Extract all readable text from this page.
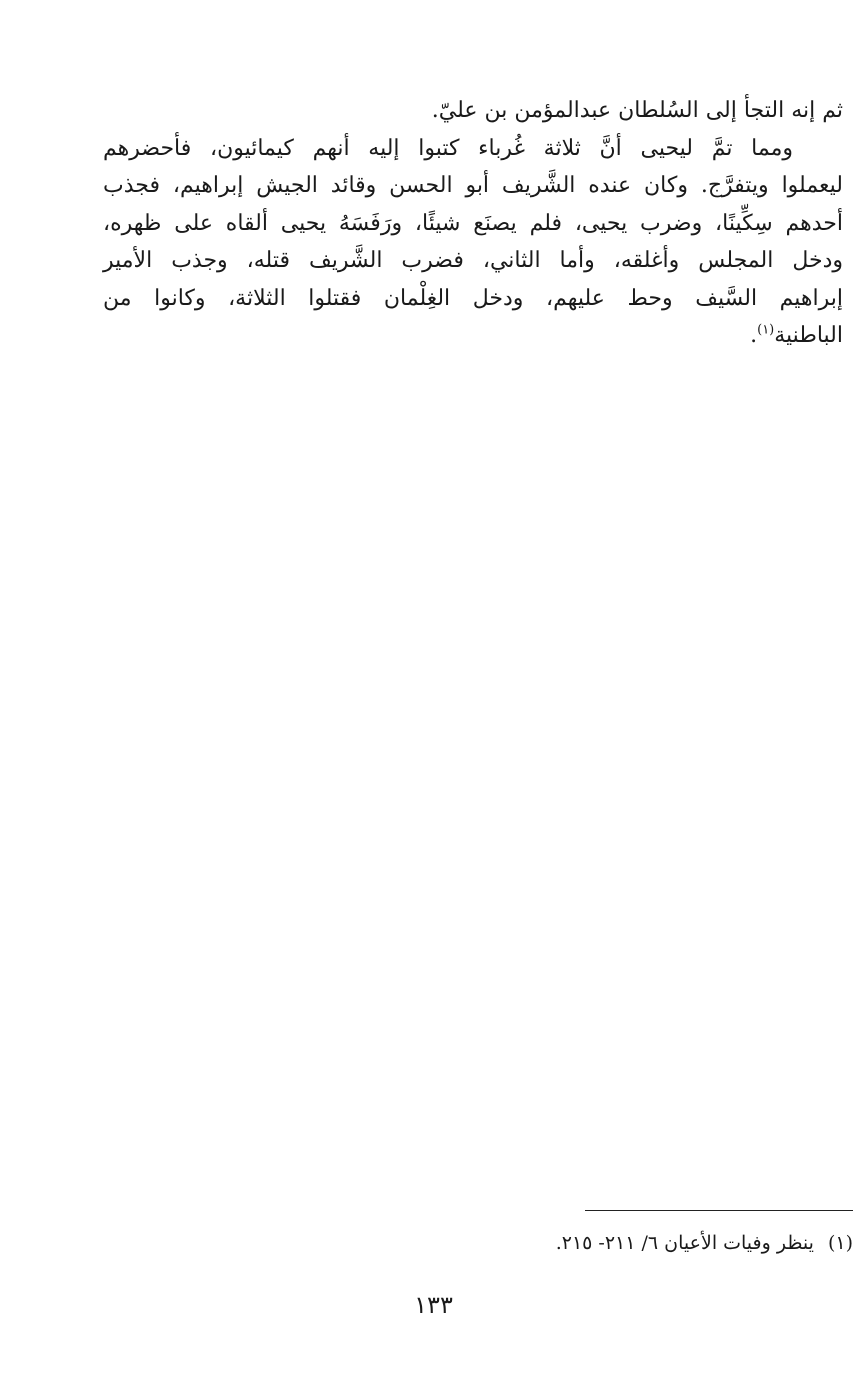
ثم إنه التجأ إلى السُلطان عبدالمؤمن بن عليّ.
ومما تمَّ ليحيى أنَّ ثلاثة غُرباء كتبوا إليه أنهم كيمائيون، فأحضرهم
ليعملوا ويتفرَّج. وكان عنده الشَّريف أبو الحسن وقائد الجيش إبراهيم، فجذب
أحدهم سِكِّينًا، وضرب يحيى، فلم يصنَع شيئًا، ورَفَسَهُ يحيى ألقاه على ظهره،
ودخل المجلس وأغلقه، وأما الثاني، فضرب الشَّريف قتله، وجذب الأمير
إبراهيم السَّيف وحط عليهم، ودخل الغِلْمان فقتلوا الثلاثة، وكانوا من
الباطنية$^{(١)}$.
(١)ينظر وفيات الأعيان ٦/ ٢١١- ٢١٥.
١٣٣
